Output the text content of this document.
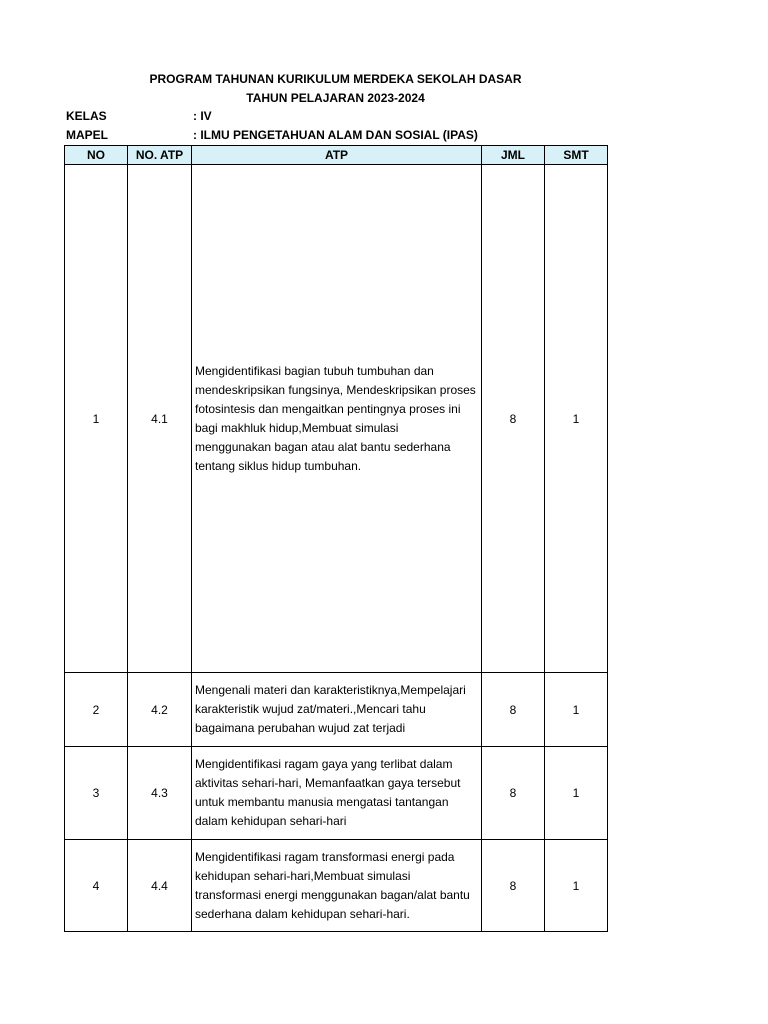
PROGRAM TAHUNAN KURIKULUM MERDEKA SEKOLAH DASAR
TAHUN PELAJARAN 2023-2024
KELAS	: IV
MAPEL	: ILMU PENGETAHUAN ALAM DAN SOSIAL (IPAS)
NO	NO. ATP	ATP	JML	SMT
1	4.1	Mengidentifikasi bagian tubuh tumbuhan dan mendeskripsikan fungsinya, Mendeskripsikan proses fotosintesis dan mengaitkan pentingnya proses ini bagi makhluk hidup,Membuat simulasi menggunakan bagan atau alat bantu sederhana tentang siklus hidup tumbuhan.	8	1
2	4.2	Mengenali materi dan karakteristiknya,Mempelajari karakteristik wujud zat/materi.,Mencari tahu bagaimana perubahan wujud zat terjadi	8	1
3	4.3	Mengidentifikasi ragam gaya yang terlibat dalam aktivitas sehari-hari, Memanfaatkan gaya tersebut untuk membantu manusia mengatasi tantangan dalam kehidupan sehari-hari	8	1
4	4.4	Mengidentifikasi ragam transformasi energi pada kehidupan sehari-hari,Membuat simulasi transformasi energi menggunakan bagan/alat bantu sederhana dalam kehidupan sehari-hari.	8	1
